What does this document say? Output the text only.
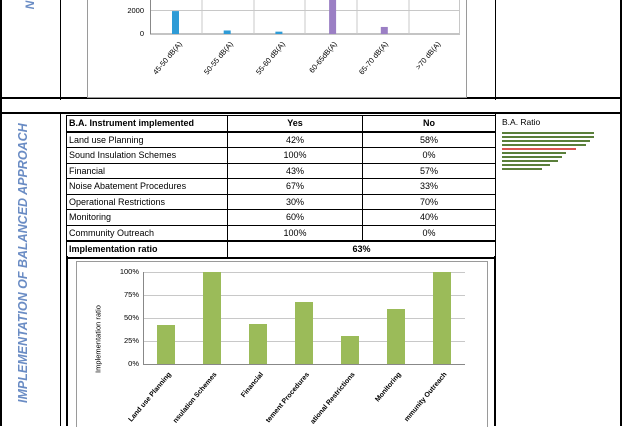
N
2000
0
45-50 dB(A)	50-55 dB(A)	55-60 dB(A)	60-65dB(A)	65-70 dB(A)	>70 dB(A)
IMPLEMENTATION OF BALANCED APPROACH
B.A. Instrument implemented	Yes	No
Land use Planning	42%	58%
Sound Insulation Schemes	100%	0%
Financial	43%	57%
Noise Abatement Procedures	67%	33%
Operational Restrictions	30%	70%
Monitoring	60%	40%
Community Outreach	100%	0%
Implementation ratio	63%	
B.A. Ratio
Implementation ratio	0%
25%
50%
75%
100%
Land use Planning nsulation Schemes	Financial tement Procedures
ational Restrictions Monitoring mmunity Outreach
